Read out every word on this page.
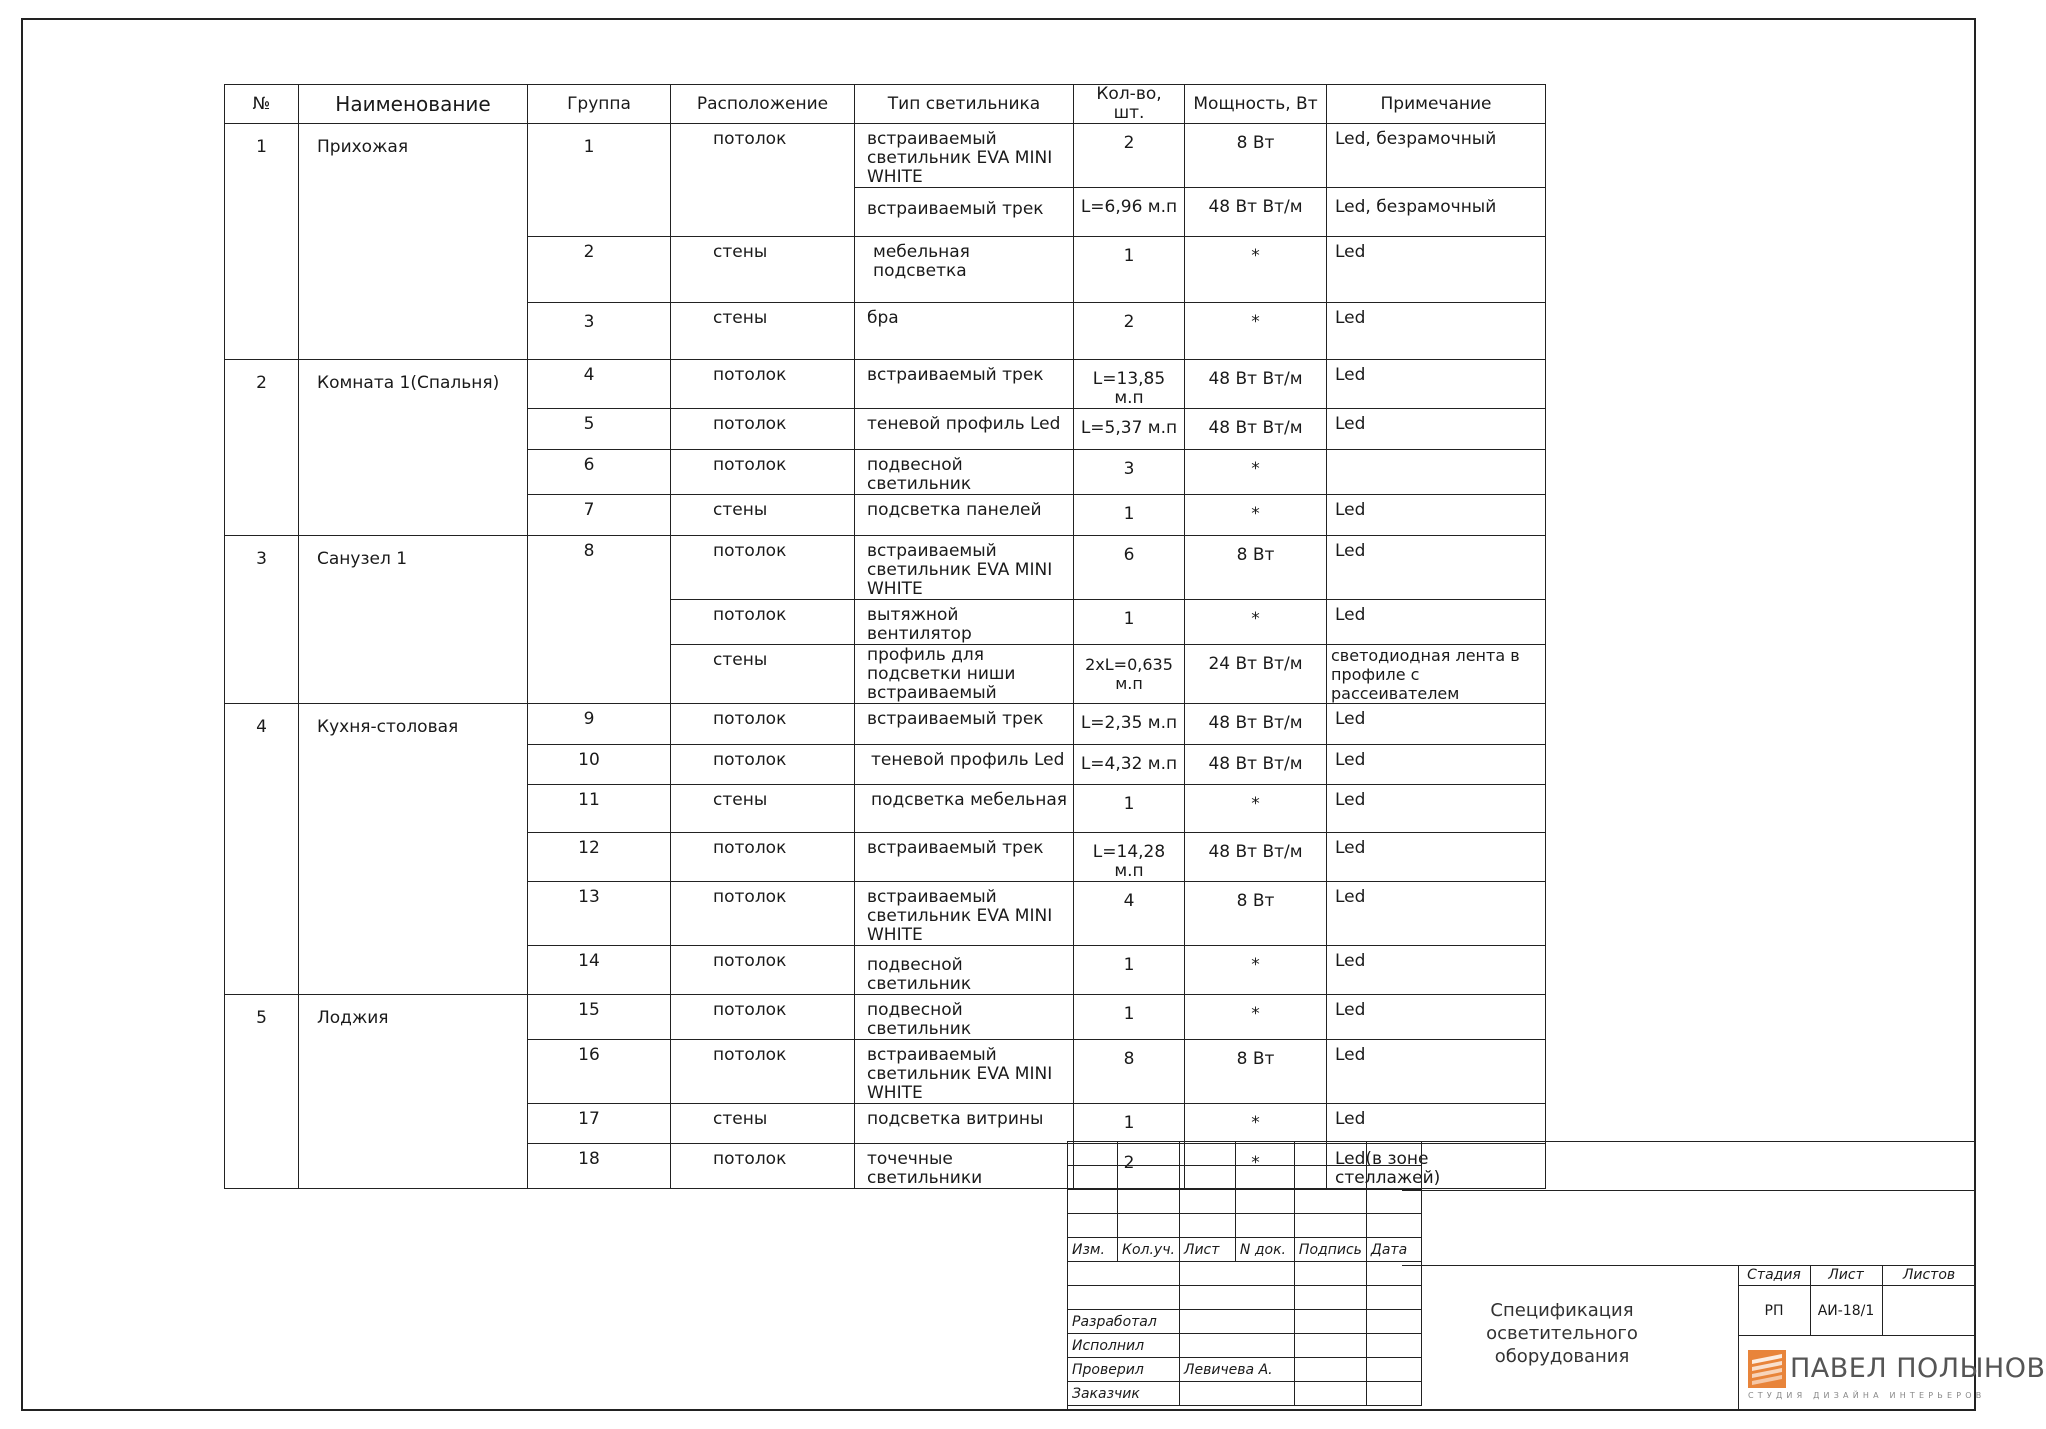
№	Наименование	Группа	Расположение	Тип светильника	Кол-во, шт.	Мощность, Вт	Примечание
1	Прихожая	1	потолок	встраиваемый светильник EVA MINI WHITE	2	8 Вт	Led, безрамочный
				встраиваемый трек	L=6,96 м.п	48 Вт Вт/м	Led, безрамочный
		2	стены	мебельная подсветка	1	*	Led
		3	стены	бра	2	*	Led
2	Комната 1(Спальня)	4	потолок	встраиваемый трек	L=13,85 м.п	48 Вт Вт/м	Led
		5	потолок	теневой профиль Led	L=5,37 м.п	48 Вт Вт/м	Led
		6	потолок	подвесной светильник	3	*	
		7	стены	подсветка панелей	1	*	Led
3	Санузел 1	8	потолок	встраиваемый светильник EVA MINI WHITE	6	8 Вт	Led
			потолок	вытяжной вентилятор	1	*	Led
			стены	профиль для подсветки ниши встраиваемый	2хL=0,635 м.п	24 Вт Вт/м	светодиодная лента в профиле с рассеивателем
4	Кухня-столовая	9	потолок	встраиваемый трек	L=2,35 м.п	48 Вт Вт/м	Led
		10	потолок	теневой профиль Led	L=4,32 м.п	48 Вт Вт/м	Led
		11	стены	подсветка мебельная	1	*	Led
		12	потолок	встраиваемый трек	L=14,28 м.п	48 Вт Вт/м	Led
		13	потолок	встраиваемый светильник EVA MINI WHITE	4	8 Вт	Led
		14	потолок	подвесной светильник	1	*	Led
5	Лоджия	15	потолок	подвесной светильник	1	*	Led
		16	потолок	встраиваемый светильник EVA MINI WHITE	8	8 Вт	Led
		17	стены	подсветка витрины	1	*	Led
		18	потолок	точечные светильники	2	*	Led(в зоне стеллажей)

Изм.	Кол.уч.	Лист	N док.	Подпись	Дата

Разработал					
Исполнил					
Проверил		Левичева А.			
Заказчик					
Спецификация осветительного
оборудования
Стадия	Лист	Листов
РП	АИ-18/1
ПАВЕЛ ПОЛЫНОВ
СТУДИЯ ДИЗАЙНА ИНТЕРЬЕРОВ
